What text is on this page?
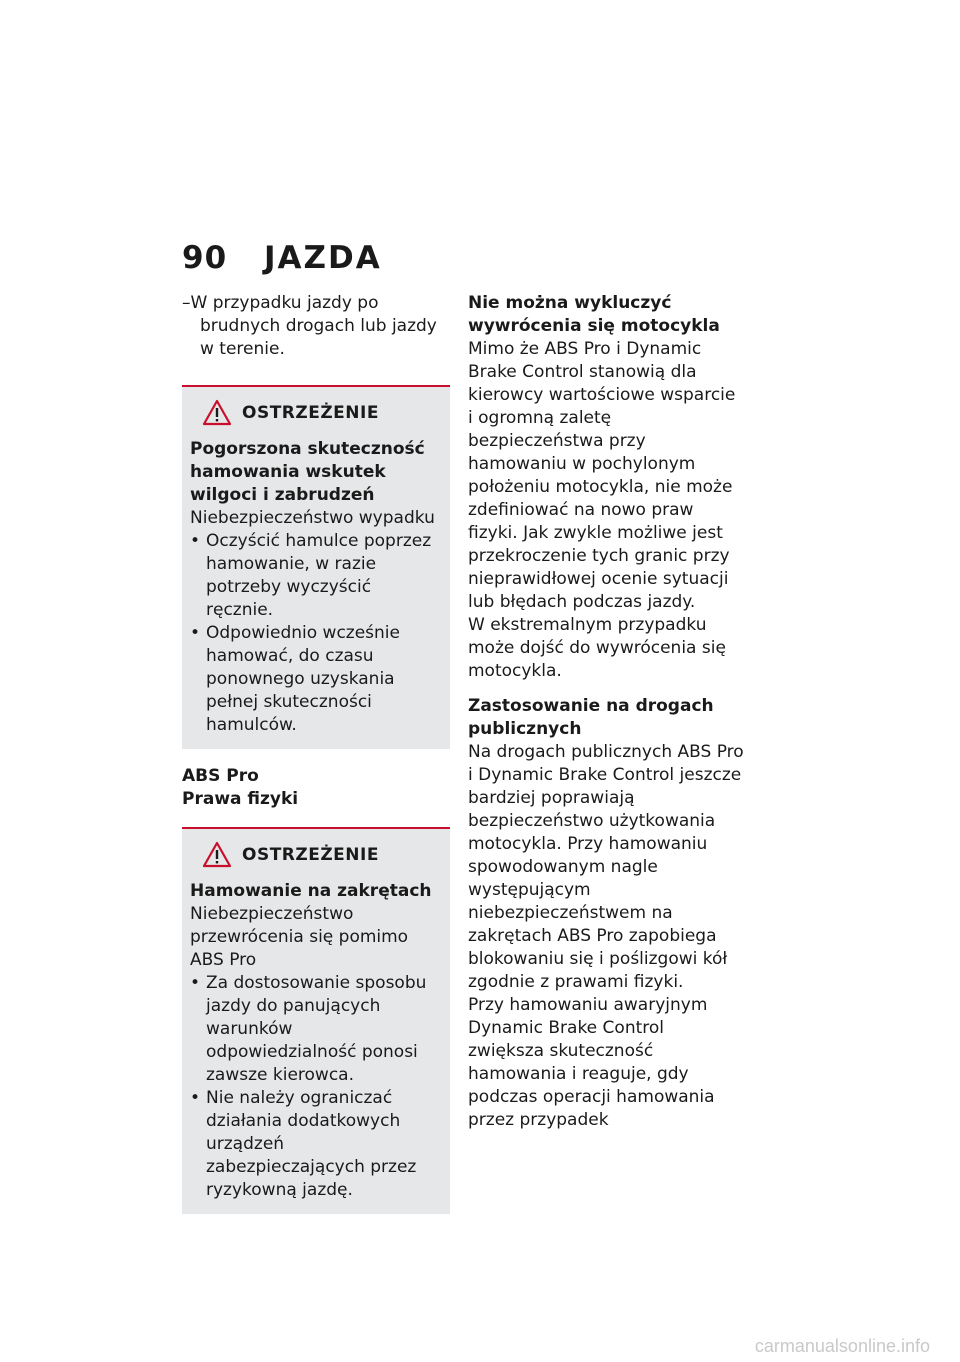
90	JAZDA

–W przypadku jazdy po brudnych drogach lub jazdy w terenie.

OSTRZEŻENIE

Pogorszona skuteczność hamowania wskutek wilgoci i zabrudzeń

Niebezpieczeństwo wypadku

• Oczyścić hamulce poprzez hamowanie, w razie potrzeby wyczyścić ręcznie.

• Odpowiednio wcześnie hamować, do czasu ponownego uzyskania pełnej skuteczności hamulców.

ABS Pro

Prawa fizyki

OSTRZEŻENIE

Hamowanie na zakrętach

Niebezpieczeństwo przewrócenia się pomimo ABS Pro

• Za dostosowanie sposobu jazdy do panujących warunków odpowiedzialność ponosi zawsze kierowca.

• Nie należy ograniczać działania dodatkowych urządzeń zabezpieczających przez ryzykowną jazdę.

Nie można wykluczyć wywrócenia się motocykla

Mimo że ABS Pro i Dynamic Brake Control stanowią dla kierowcy wartościowe wsparcie i ogromną zaletę bezpieczeństwa przy hamowaniu w pochylonym położeniu motocykla, nie może zdefiniować na nowo praw fizyki. Jak zwykle możliwe jest przekroczenie tych granic przy nieprawidłowej ocenie sytuacji lub błędach podczas jazdy.

W ekstremalnym przypadku może dojść do wywrócenia się motocykla.

Zastosowanie na drogach publicznych

Na drogach publicznych ABS Pro i Dynamic Brake Control jeszcze bardziej poprawiają bezpieczeństwo użytkowania motocykla. Przy hamowaniu spowodowanym nagle występującym niebezpieczeństwem na zakrętach ABS Pro zapobiega blokowaniu się i poślizgowi kół zgodnie z prawami fizyki.

Przy hamowaniu awaryjnym Dynamic Brake Control zwiększa skuteczność hamowania i reaguje, gdy podczas operacji hamowania przez przypadek

carmanualsonline.info
